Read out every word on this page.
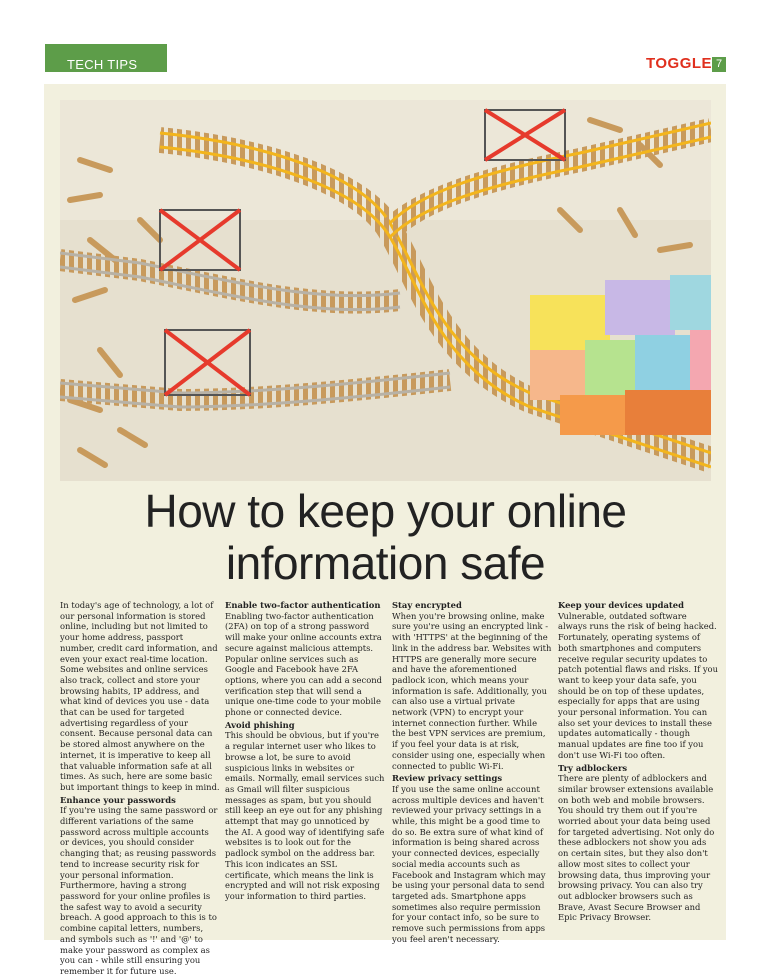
TECH TIPS	TOGGLE 7
How to keep your online
information safe

In today's age of technology, a lot of our personal information is stored online, including but not limited to your home address, passport number, credit card information, and even your exact real-time location. Some websites and online services also track, collect and store your browsing habits, IP address, and what kind of devices you use - data that can be used for targeted advertising regardless of your consent. Because personal data can be stored almost anywhere on the internet, it is imperative to keep all that valuable information safe at all times. As such, here are some basic but important things to keep in mind.

Enhance your passwords

If you're using the same password or different variations of the same password across multiple accounts or devices, you should consider changing that; as reusing passwords tend to increase security risk for your personal information. Furthermore, having a strong password for your online profiles is the safest way to avoid a security breach. A good approach to this is to combine capital letters, numbers, and symbols such as '!' and '@' to make your password as complex as you can - while still ensuring you remember it for future use.

Enable two-factor authentication

Enabling two-factor authentication (2FA) on top of a strong password will make your online accounts extra secure against malicious attempts. Popular online services such as Google and Facebook have 2FA options, where you can add a second verification step that will send a unique one-time code to your mobile phone or connected device.

Avoid phishing

This should be obvious, but if you're a regular internet user who likes to browse a lot, be sure to avoid suspicious links in websites or emails. Normally, email services such as Gmail will filter suspicious messages as spam, but you should still keep an eye out for any phishing attempt that may go unnoticed by the AI. A good way of identifying safe websites is to look out for the padlock symbol on the address bar. This icon indicates an SSL certificate, which means the link is encrypted and will not risk exposing your information to third parties.

Stay encrypted

When you're browsing online, make sure you're using an encrypted link - with 'HTTPS' at the beginning of the link in the address bar. Websites with HTTPS are generally more secure and have the aforementioned padlock icon, which means your information is safe. Additionally, you can also use a virtual private network (VPN) to encrypt your internet connection further. While the best VPN services are premium, if you feel your data is at risk, consider using one, especially when connected to public Wi-Fi.

Review privacy settings

If you use the same online account across multiple devices and haven't reviewed your privacy settings in a while, this might be a good time to do so. Be extra sure of what kind of information is being shared across your connected devices, especially social media accounts such as Facebook and Instagram which may be using your personal data to send targeted ads. Smartphone apps sometimes also require permission for your contact info, so be sure to remove such permissions from apps you feel aren't necessary.

Keep your devices updated

Vulnerable, outdated software always runs the risk of being hacked. Fortunately, operating systems of both smartphones and computers receive regular security updates to patch potential flaws and risks. If you want to keep your data safe, you should be on top of these updates, especially for apps that are using your personal information. You can also set your devices to install these updates automatically - though manual updates are fine too if you don't use Wi-Fi too often.

Try adblockers

There are plenty of adblockers and similar browser extensions available on both web and mobile browsers. You should try them out if you're worried about your data being used for targeted advertising. Not only do these adblockers not show you ads on certain sites, but they also don't allow most sites to collect your browsing data, thus improving your browsing privacy. You can also try out adblocker browsers such as Brave, Avast Secure Browser and Epic Privacy Browser.
